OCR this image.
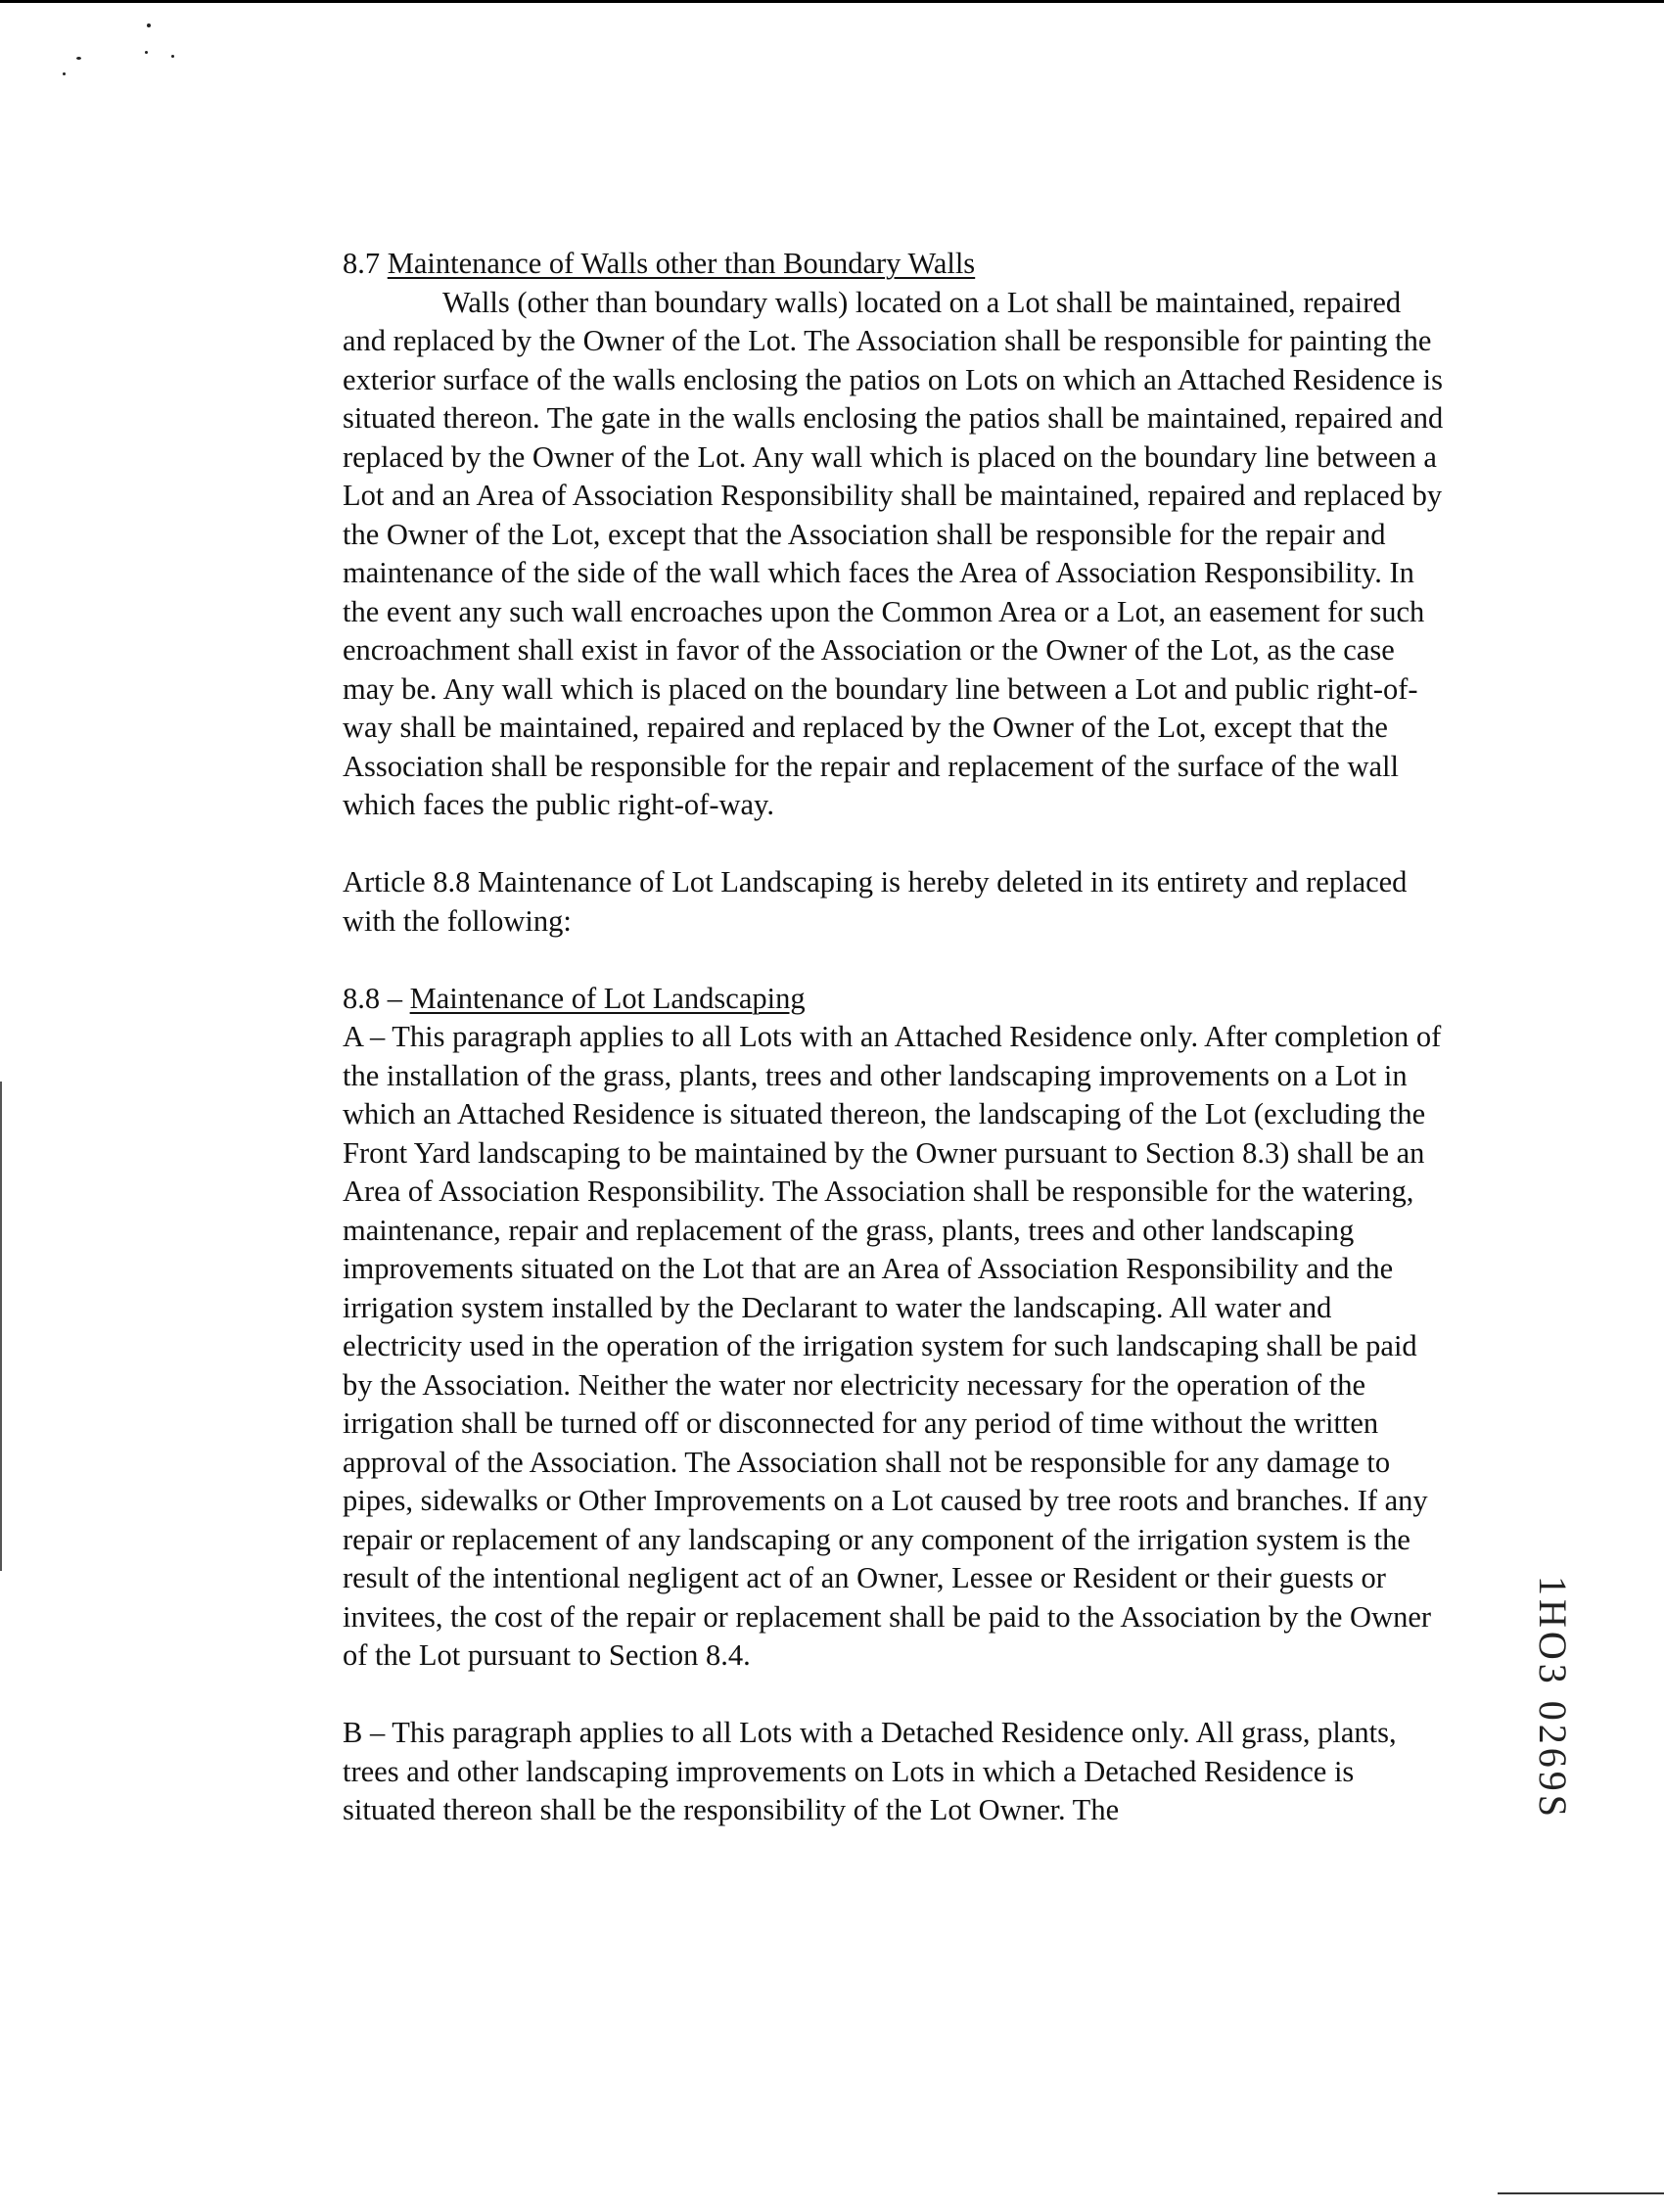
8.7 Maintenance of Walls other than Boundary Walls

Walls (other than boundary walls) located on a Lot shall be maintained, repaired and replaced by the Owner of the Lot. The Association shall be responsible for painting the exterior surface of the walls enclosing the patios on Lots on which an Attached Residence is situated thereon. The gate in the walls enclosing the patios shall be maintained, repaired and replaced by the Owner of the Lot. Any wall which is placed on the boundary line between a Lot and an Area of Association Responsibility shall be maintained, repaired and replaced by the Owner of the Lot, except that the Association shall be responsible for the repair and maintenance of the side of the wall which faces the Area of Association Responsibility. In the event any such wall encroaches upon the Common Area or a Lot, an easement for such encroachment shall exist in favor of the Association or the Owner of the Lot, as the case may be. Any wall which is placed on the boundary line between a Lot and public right-of-way shall be maintained, repaired and replaced by the Owner of the Lot, except that the Association shall be responsible for the repair and replacement of the surface of the wall which faces the public right-of-way.

Article 8.8 Maintenance of Lot Landscaping is hereby deleted in its entirety and replaced with the following:

8.8 – Maintenance of Lot Landscaping

A – This paragraph applies to all Lots with an Attached Residence only. After completion of the installation of the grass, plants, trees and other landscaping improvements on a Lot in which an Attached Residence is situated thereon, the landscaping of the Lot (excluding the Front Yard landscaping to be maintained by the Owner pursuant to Section 8.3) shall be an Area of Association Responsibility. The Association shall be responsible for the watering, maintenance, repair and replacement of the grass, plants, trees and other landscaping improvements situated on the Lot that are an Area of Association Responsibility and the irrigation system installed by the Declarant to water the landscaping. All water and electricity used in the operation of the irrigation system for such landscaping shall be paid by the Association. Neither the water nor electricity necessary for the operation of the irrigation shall be turned off or disconnected for any period of time without the written approval of the Association. The Association shall not be responsible for any damage to pipes, sidewalks or Other Improvements on a Lot caused by tree roots and branches. If any repair or replacement of any landscaping or any component of the irrigation system is the result of the intentional negligent act of an Owner, Lessee or Resident or their guests or invitees, the cost of the repair or replacement shall be paid to the Association by the Owner of the Lot pursuant to Section 8.4.

B – This paragraph applies to all Lots with a Detached Residence only. All grass, plants, trees and other landscaping improvements on Lots in which a Detached Residence is situated thereon shall be the responsibility of the Lot Owner. The	1HO3 0269S
